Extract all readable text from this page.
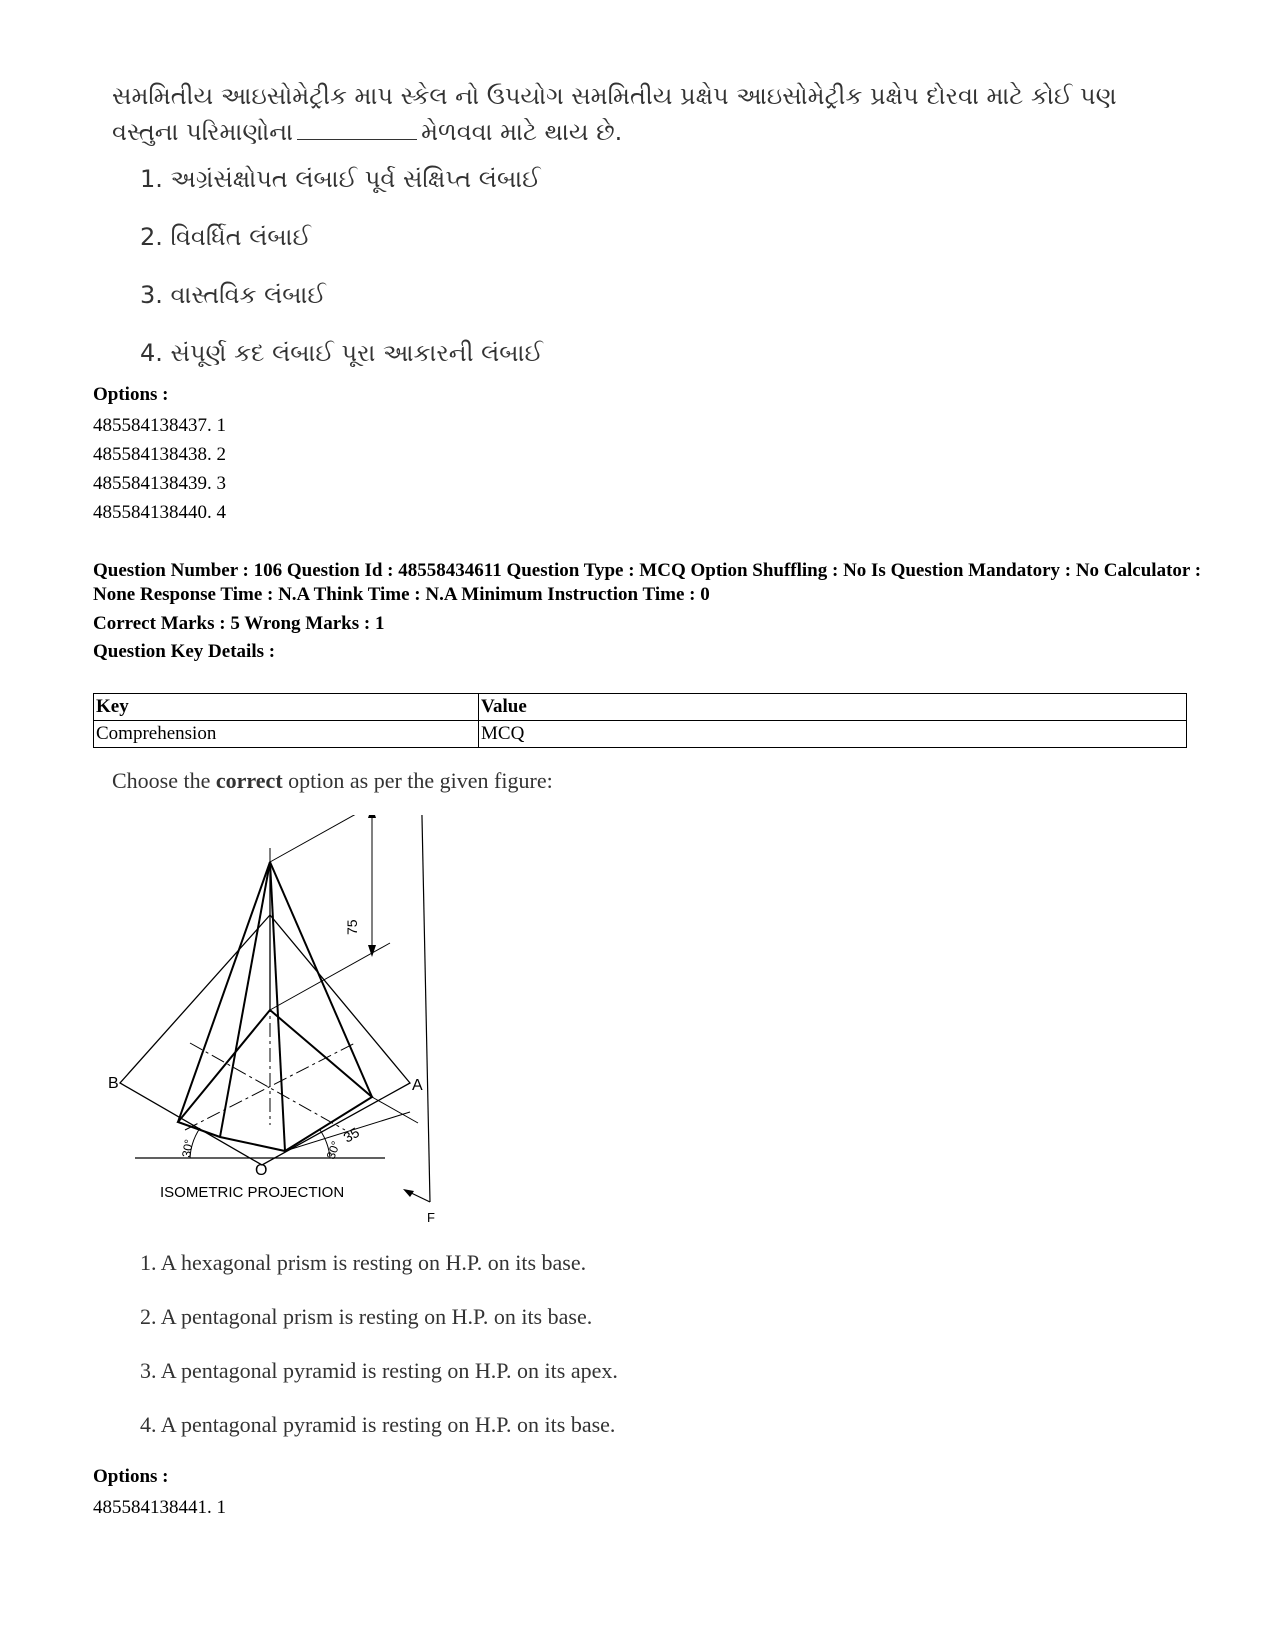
સમમિતીય આઇસોમેટ્રીક માપ સ્કેલ નો ઉપયોગ સમમિતીય પ્રક્ષેપ આઇસોમેટ્રીક પ્રક્ષેપ દોરવા માટે કોઈ પણ વસ્તુના પરિમાણોના	મેળવવા માટે થાય છે.
1. અગ્રંસંક્ષોપત લંબાઈ પૂર્વ સંક્ષિપ્ત લંબાઈ
2. વિવર્ધિત લંબાઈ
3. વાસ્તવિક લંબાઈ
4. સંપૂર્ણ કદ લંબાઈ પૂરા આકારની લંબાઈ
Options :
485584138437. 1
485584138438. 2
485584138439. 3
485584138440. 4
Question Number : 106 Question Id : 48558434611 Question Type : MCQ Option Shuffling : No Is Question Mandatory : No Calculator : None Response Time : N.A Think Time : N.A Minimum Instruction Time : 0
Correct Marks : 5 Wrong Marks : 1
Question Key Details :
Key	Value
Comprehension	MCQ
Choose the correct option as per the given figure:
B	A
O
F
75
35
30°	30°
ISOMETRIC PROJECTION
1. A hexagonal prism is resting on H.P. on its base.
2. A pentagonal prism is resting on H.P. on its base.
3. A pentagonal pyramid is resting on H.P. on its apex.
4. A pentagonal pyramid is resting on H.P. on its base.
Options :
485584138441. 1
